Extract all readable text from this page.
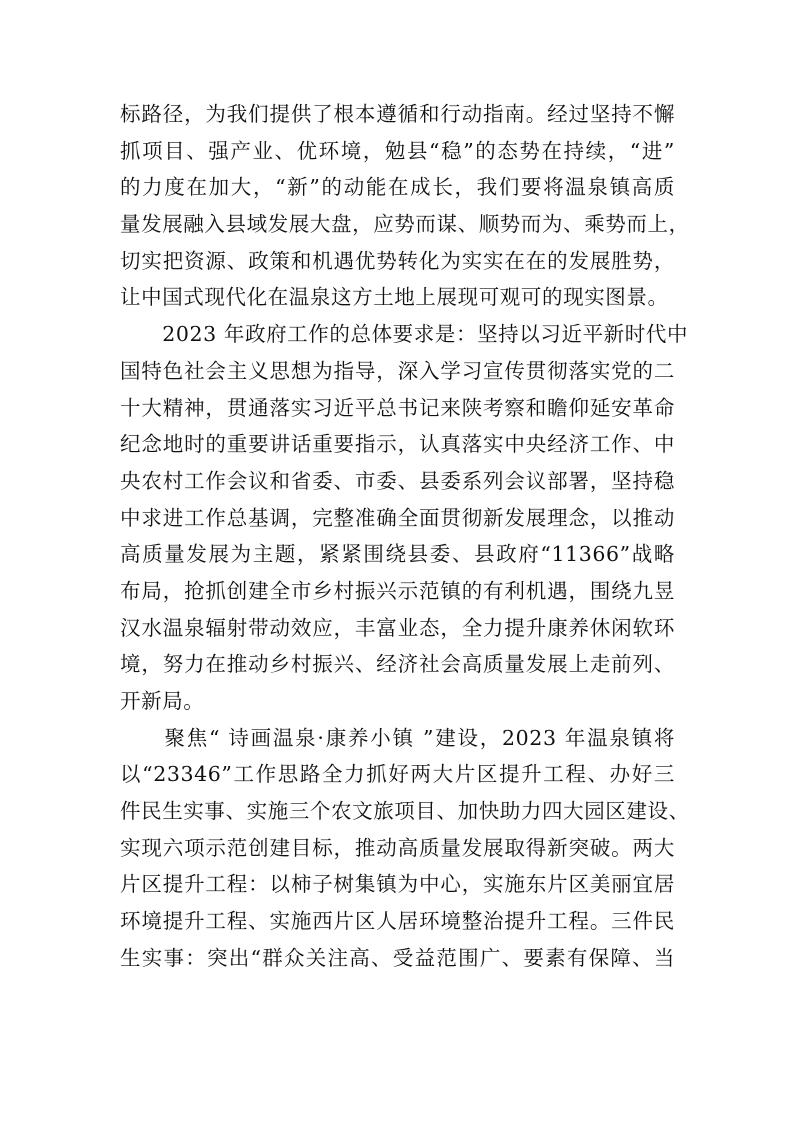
标路径，为我们提供了根本遵循和行动指南。经过坚持不懈
抓项目、强产业、优环境，勉县“稳”的态势在持续，“进”
的力度在加大，“新”的动能在成长，我们要将温泉镇高质
量发展融入县域发展大盘，应势而谋、顺势而为、乘势而上，
切实把资源、政策和机遇优势转化为实实在在的发展胜势，
让中国式现代化在温泉这方土地上展现可观可的现实图景。
　　2023 年政府工作的总体要求是：坚持以习近平新时代中
国特色社会主义思想为指导，深入学习宣传贯彻落实党的二
十大精神，贯通落实习近平总书记来陕考察和瞻仰延安革命
纪念地时的重要讲话重要指示，认真落实中央经济工作、中
央农村工作会议和省委、市委、县委系列会议部署，坚持稳
中求进工作总基调，完整准确全面贯彻新发展理念，以推动
高质量发展为主题，紧紧围绕县委、县政府“11366”战略
布局，抢抓创建全市乡村振兴示范镇的有利机遇，围绕九昱
汉水温泉辐射带动效应，丰富业态，全力提升康养休闲软环
境，努力在推动乡村振兴、经济社会高质量发展上走前列、
开新局。
　　聚焦“ 诗画温泉·康养小镇 ”建设，2023 年温泉镇将
以“23346”工作思路全力抓好两大片区提升工程、办好三
件民生实事、实施三个农文旅项目、加快助力四大园区建设、
实现六项示范创建目标，推动高质量发展取得新突破。两大
片区提升工程：以柿子树集镇为中心，实施东片区美丽宜居
环境提升工程、实施西片区人居环境整治提升工程。三件民
生实事：突出“群众关注高、受益范围广、要素有保障、当
